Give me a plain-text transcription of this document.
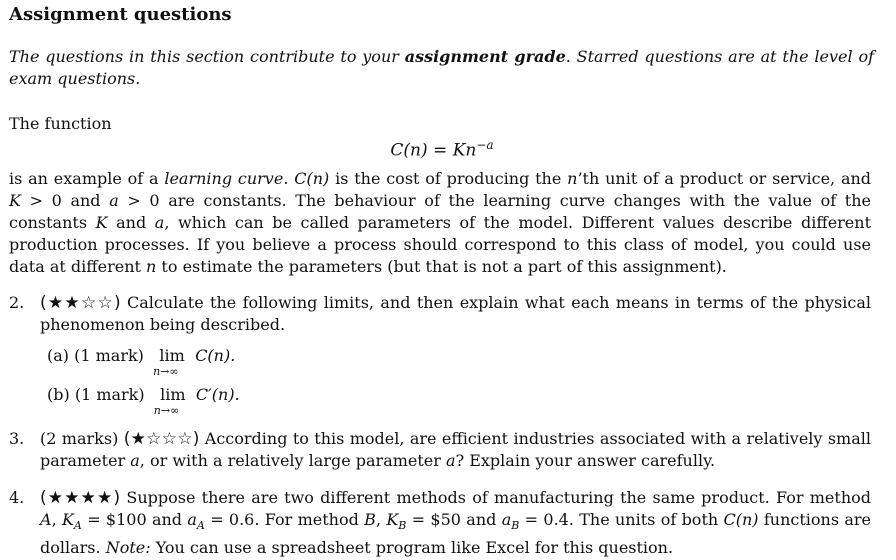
Assignment questions
The questions in this section contribute to your assignment grade. Starred questions are at the level of exam questions.
The function
$C(n) = Kn^{-a}$
is an example of a learning curve. C(n) is the cost of producing the n’th unit of a product or service, and K > 0 and a > 0 are constants. The behaviour of the learning curve changes with the value of the constants K and a, which can be called parameters of the model. Different values describe different production processes. If you believe a process should correspond to this class of model, you could use data at different n to estimate the parameters (but that is not a part of this assignment).
2. (★★☆☆) Calculate the following limits, and then explain what each means in terms of the physical phenomenon being described.
(a) (1 mark) lim
n→∞
C(n).
(b) (1 mark) lim
n→∞
C′(n).
3. (2 marks) (★☆☆☆) According to this model, are efficient industries associated with a relatively small parameter a, or with a relatively large parameter a? Explain your answer carefully.
4. (★★★★) Suppose there are two different methods of manufacturing the same product. For method A, $K_A$ = $100 and $a_A = 0.6$. For method B, $K_B$ = $50 and $a_B = 0.4$. The units of both C(n) functions are dollars. Note: You can use a spreadsheet program like Excel for this question.
